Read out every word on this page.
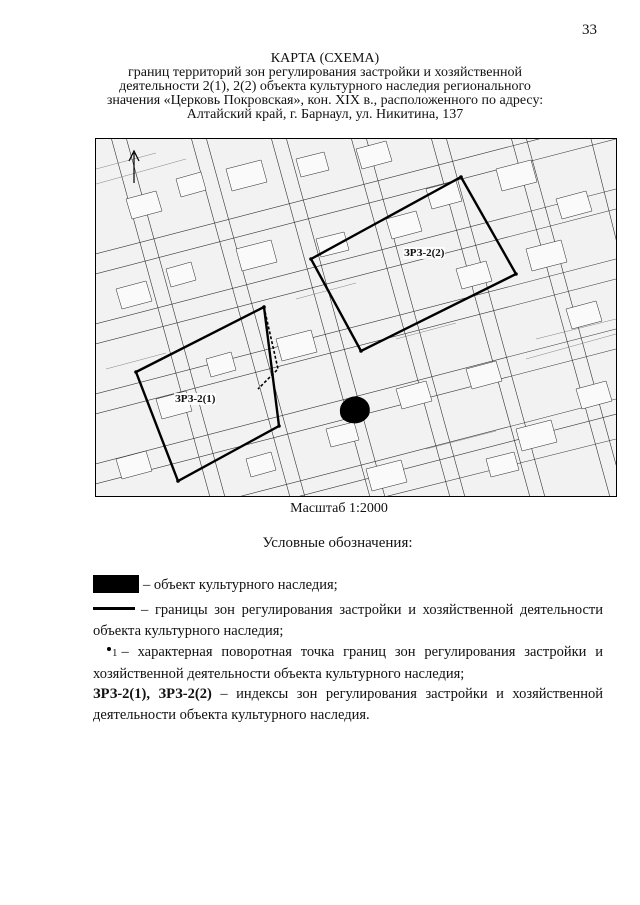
33
КАРТА (СХЕМА)
границ территорий зон регулирования застройки и хозяйственной
деятельности 2(1), 2(2) объекта культурного наследия регионального
значения «Церковь Покровская», кон. XIX в., расположенного по адресу:
Алтайский край, г. Барнаул, ул. Никитина, 137
ЗРЗ-2(2)
ЗРЗ-2(1)
Масштаб 1:2000
Условные обозначения:
– объект культурного наследия;
– границы зон регулирования застройки и хозяйственной деятельности объекта культурного наследия;
1 – характерная поворотная точка границ зон регулирования застройки и хозяйственной деятельности объекта культурного наследия;
ЗРЗ-2(1), ЗРЗ-2(2) – индексы зон регулирования застройки и хозяйственной деятельности объекта культурного наследия.
